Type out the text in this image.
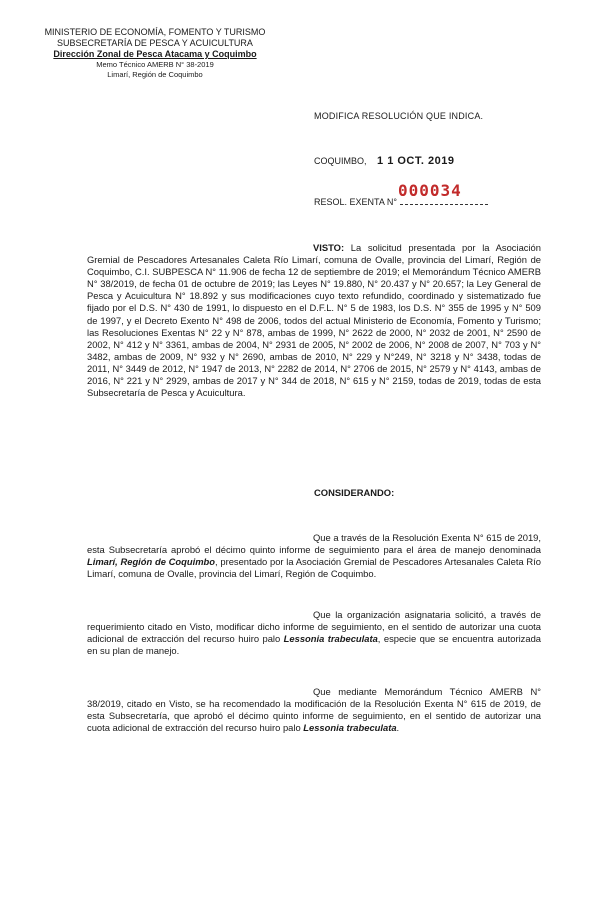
MINISTERIO DE ECONOMÍA, FOMENTO Y TURISMO
SUBSECRETARÍA DE PESCA Y ACUICULTURA
Dirección Zonal de Pesca Atacama y Coquimbo
Memo Técnico AMERB N° 38-2019
Limarí, Región de Coquimbo
MODIFICA RESOLUCIÓN QUE INDICA.
COQUIMBO, 1 1 OCT. 2019
000034
RESOL. EXENTA N°

VISTO: La solicitud presentada por la Asociación Gremial de Pescadores Artesanales Caleta Río Limarí, comuna de Ovalle, provincia del Limarí, Región de Coquimbo, C.I. SUBPESCA N° 11.906 de fecha 12 de septiembre de 2019; el Memorándum Técnico AMERB N° 38/2019, de fecha 01 de octubre de 2019; las Leyes N° 19.880, N° 20.437 y N° 20.657; la Ley General de Pesca y Acuicultura N° 18.892 y sus modificaciones cuyo texto refundido, coordinado y sistematizado fue fijado por el D.S. N° 430 de 1991, lo dispuesto en el D.F.L. N° 5 de 1983, los D.S. N° 355 de 1995 y N° 509 de 1997, y el Decreto Exento N° 498 de 2006, todos del actual Ministerio de Economía, Fomento y Turismo; las Resoluciones Exentas N° 22 y N° 878, ambas de 1999, N° 2622 de 2000, N° 2032 de 2001, N° 2590 de 2002, N° 412 y N° 3361, ambas de 2004, N° 2931 de 2005, N° 2002 de 2006, N° 2008 de 2007, N° 703 y N° 3482, ambas de 2009, N° 932 y N° 2690, ambas de 2010, N° 229 y N°249, N° 3218 y N° 3438, todas de 2011, N° 3449 de 2012, N° 1947 de 2013, N° 2282 de 2014, N° 2706 de 2015, N° 2579 y N° 4143, ambas de 2016, N° 221 y N° 2929, ambas de 2017 y N° 344 de 2018, N° 615 y N° 2159, todas de 2019, todas de esta Subsecretaría de Pesca y Acuicultura.

CONSIDERANDO:

Que a través de la Resolución Exenta N° 615 de 2019, esta Subsecretaría aprobó el décimo quinto informe de seguimiento para el área de manejo denominada Limarí, Región de Coquimbo, presentado por la Asociación Gremial de Pescadores Artesanales Caleta Río Limarí, comuna de Ovalle, provincia del Limarí, Región de Coquimbo.

Que la organización asignataria solicitó, a través de requerimiento citado en Visto, modificar dicho informe de seguimiento, en el sentido de autorizar una cuota adicional de extracción del recurso huiro palo Lessonia trabeculata, especie que se encuentra autorizada en su plan de manejo.

Que mediante Memorándum Técnico AMERB N° 38/2019, citado en Visto, se ha recomendado la modificación de la Resolución Exenta N° 615 de 2019, de esta Subsecretaría, que aprobó el décimo quinto informe de seguimiento, en el sentido de autorizar una cuota adicional de extracción del recurso huiro palo Lessonia trabeculata.
